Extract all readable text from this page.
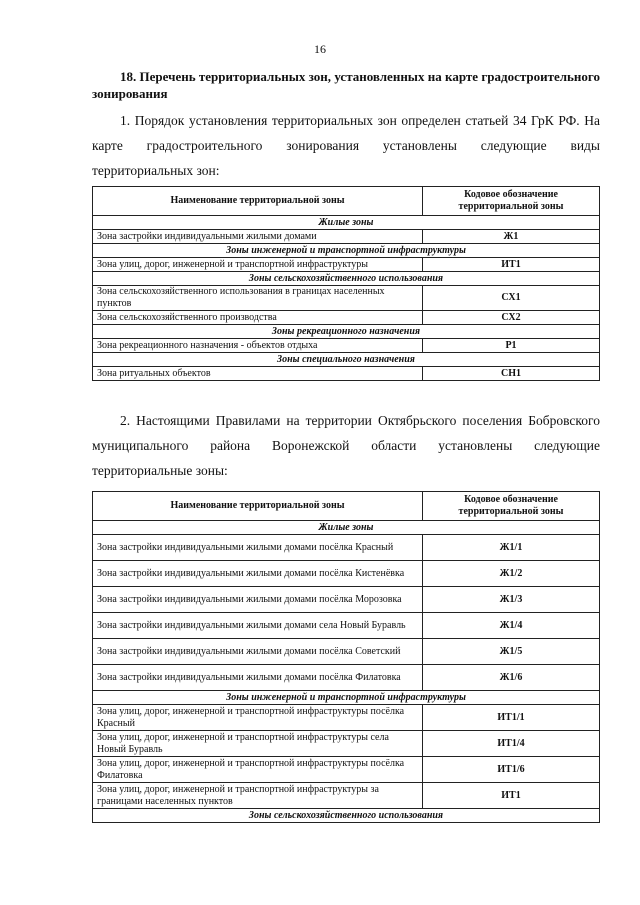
16

18. Перечень территориальных зон, установленных на карте градостроительного зонирования

1. Порядок установления территориальных зон определен статьей 34 ГрК РФ. На карте градостроительного зонирования установлены следующие виды территориальных зон:

Наименование территориальной зоны	Кодовое обозначение территориальной зоны
Жилые зоны	
Зона застройки индивидуальными жилыми домами	Ж1
Зоны инженерной и транспортной инфраструктуры	
Зона улиц, дорог, инженерной и транспортной инфраструктуры	ИТ1
Зоны сельскохозяйственного использования	
Зона сельскохозяйственного использования в границах населенных пунктов	СХ1
Зона сельскохозяйственного производства	СХ2
Зоны рекреационного назначения	
Зона рекреационного назначения - объектов отдыха	Р1
Зоны специального назначения	
Зона ритуальных объектов	СН1

2. Настоящими Правилами на территории Октябрьского поселения Бобровского муниципального района Воронежской области установлены следующие территориальные зоны:

Наименование территориальной зоны	Кодовое обозначение территориальной зоны
Жилые зоны	
Зона застройки индивидуальными жилыми домами посёлка Красный	Ж1/1
Зона застройки индивидуальными жилыми домами посёлка Кистенёвка	Ж1/2
Зона застройки индивидуальными жилыми домами посёлка Морозовка	Ж1/3
Зона застройки индивидуальными жилыми домами села Новый Буравль	Ж1/4
Зона застройки индивидуальными жилыми домами посёлка Советский	Ж1/5
Зона застройки индивидуальными жилыми домами посёлка Филатовка	Ж1/6
Зоны инженерной и транспортной инфраструктуры	
Зона улиц, дорог, инженерной и транспортной инфраструктуры посёлка Красный	ИТ1/1
Зона улиц, дорог, инженерной и транспортной инфраструктуры села Новый Буравль	ИТ1/4
Зона улиц, дорог, инженерной и транспортной инфраструктуры посёлка Филатовка	ИТ1/6
Зона улиц, дорог, инженерной и транспортной инфраструктуры за границами населенных пунктов	ИТ1
Зоны сельскохозяйственного использования	
